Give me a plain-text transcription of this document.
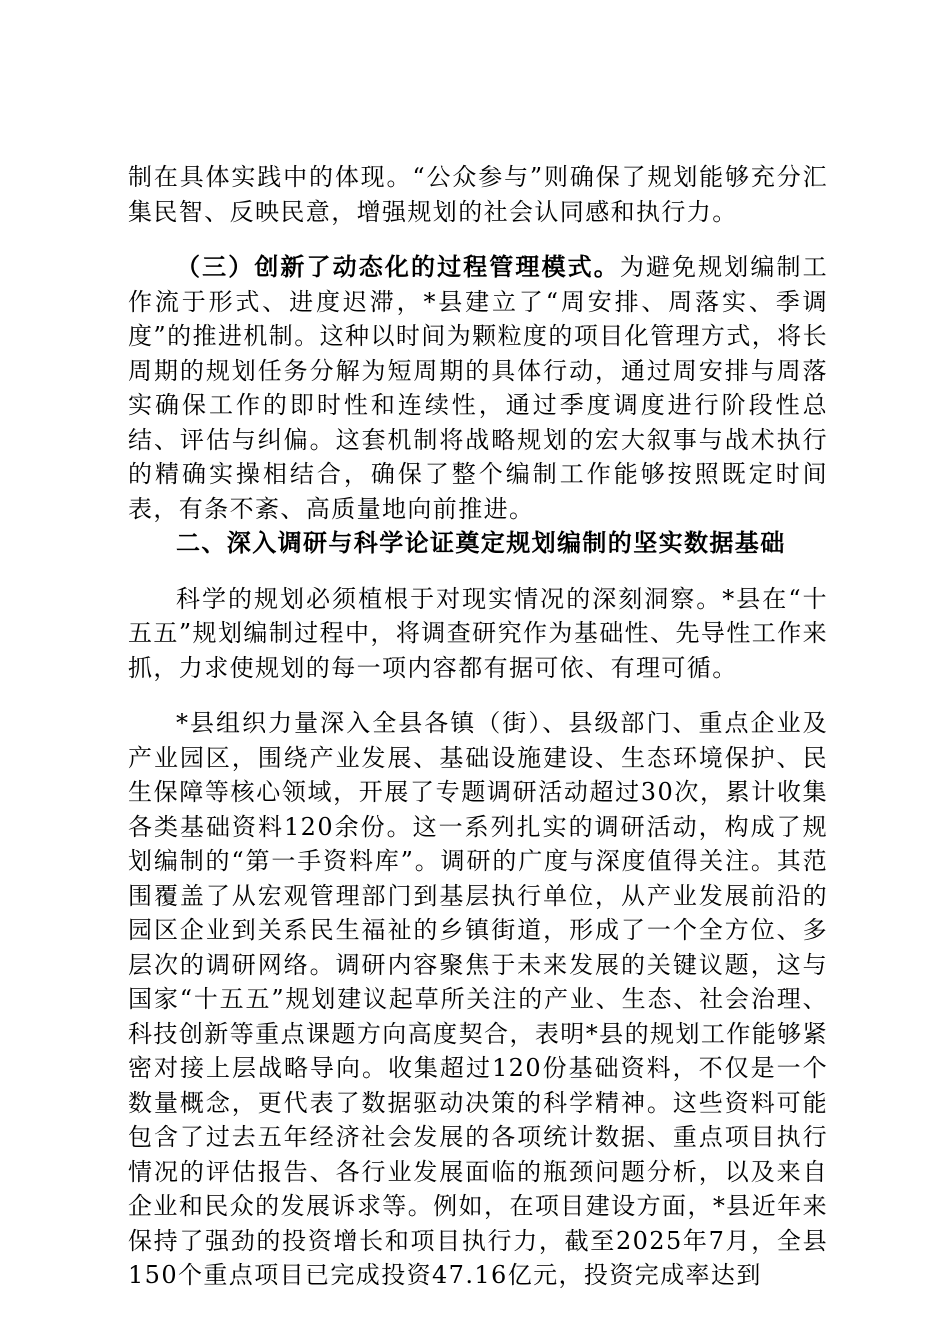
制在具体实践中的体现。“公众参与”则确保了规划能够充分汇集民智、反映民意，增强规划的社会认同感和执行力。

（三）创新了动态化的过程管理模式。为避免规划编制工作流于形式、进度迟滞，*县建立了“周安排、周落实、季调度”的推进机制。这种以时间为颗粒度的项目化管理方式，将长周期的规划任务分解为短周期的具体行动，通过周安排与周落实确保工作的即时性和连续性，通过季度调度进行阶段性总结、评估与纠偏。这套机制将战略规划的宏大叙事与战术执行的精确实操相结合，确保了整个编制工作能够按照既定时间表，有条不紊、高质量地向前推进。

二、深入调研与科学论证奠定规划编制的坚实数据基础

科学的规划必须植根于对现实情况的深刻洞察。*县在“十五五”规划编制过程中，将调查研究作为基础性、先导性工作来抓，力求使规划的每一项内容都有据可依、有理可循。

*县组织力量深入全县各镇（街）、县级部门、重点企业及产业园区，围绕产业发展、基础设施建设、生态环境保护、民生保障等核心领域，开展了专题调研活动超过30次，累计收集各类基础资料120余份。这一系列扎实的调研活动，构成了规划编制的“第一手资料库”。调研的广度与深度值得关注。其范围覆盖了从宏观管理部门到基层执行单位，从产业发展前沿的园区企业到关系民生福祉的乡镇街道，形成了一个全方位、多层次的调研网络。调研内容聚焦于未来发展的关键议题，这与国家“十五五”规划建议起草所关注的产业、生态、社会治理、科技创新等重点课题方向高度契合，表明*县的规划工作能够紧密对接上层战略导向。收集超过120份基础资料，不仅是一个数量概念，更代表了数据驱动决策的科学精神。这些资料可能包含了过去五年经济社会发展的各项统计数据、重点项目执行情况的评估报告、各行业发展面临的瓶颈问题分析，以及来自企业和民众的发展诉求等。例如，在项目建设方面，*县近年来保持了强劲的投资增长和项目执行力，截至2025年7月，全县150个重点项目已完成投资47.16亿元，投资完成率达到
